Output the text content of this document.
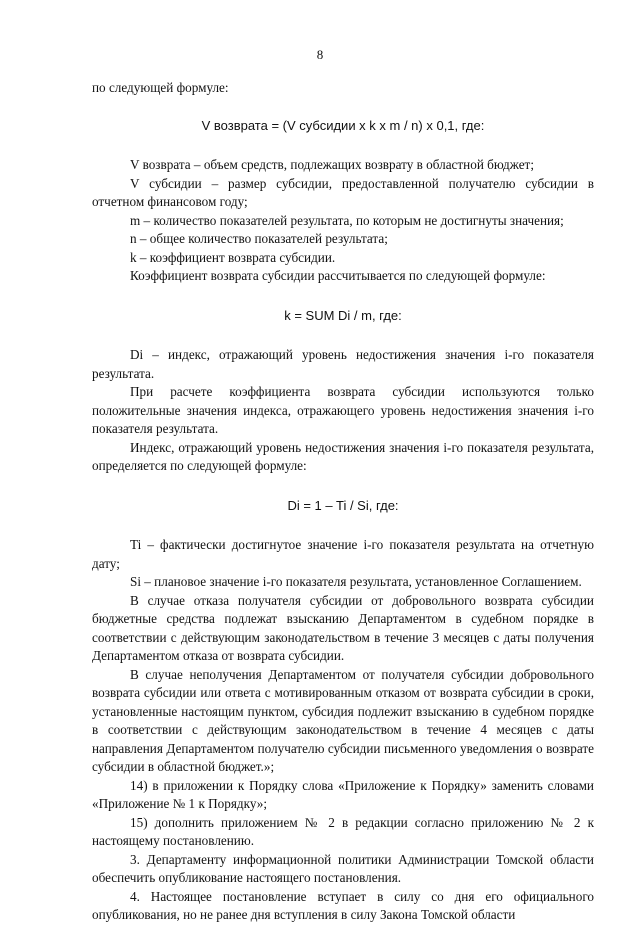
8

по следующей формуле:

V возврата = (V субсидии x k x m / n) x 0,1, где:

V возврата – объем средств, подлежащих возврату в областной бюджет;

V субсидии – размер субсидии, предоставленной получателю субсидии в отчетном финансовом году;

m – количество показателей результата, по которым не достигнуты значения;

n – общее количество показателей результата;

k – коэффициент возврата субсидии.

Коэффициент возврата субсидии рассчитывается по следующей формуле:

k = SUM Di / m, где:

Di – индекс, отражающий уровень недостижения значения i-го показателя результата.

При расчете коэффициента возврата субсидии используются только положительные значения индекса, отражающего уровень недостижения значения i-го показателя результата.

Индекс, отражающий уровень недостижения значения i-го показателя результата, определяется по следующей формуле:

Di = 1 – Ti / Si, где:

Ti – фактически достигнутое значение i-го показателя результата на отчетную дату;

Si – плановое значение i-го показателя результата, установленное Соглашением.

В случае отказа получателя субсидии от добровольного возврата субсидии бюджетные средства подлежат взысканию Департаментом в судебном порядке в соответствии с действующим законодательством в течение 3 месяцев с даты получения Департаментом отказа от возврата субсидии.

В случае неполучения Департаментом от получателя субсидии добровольного возврата субсидии или ответа с мотивированным отказом от возврата субсидии в сроки, установленные настоящим пунктом, субсидия подлежит взысканию в судебном порядке в соответствии с действующим законодательством в течение 4 месяцев с даты направления Департаментом получателю субсидии письменного уведомления о возврате субсидии в областной бюджет.»;

14) в приложении к Порядку слова «Приложение к Порядку» заменить словами «Приложение № 1 к Порядку»;

15) дополнить приложением № 2 в редакции согласно приложению № 2 к настоящему постановлению.

3. Департаменту информационной политики Администрации Томской области обеспечить опубликование настоящего постановления.

4. Настоящее постановление вступает в силу со дня его официального опубликования, но не ранее дня вступления в силу Закона Томской области
